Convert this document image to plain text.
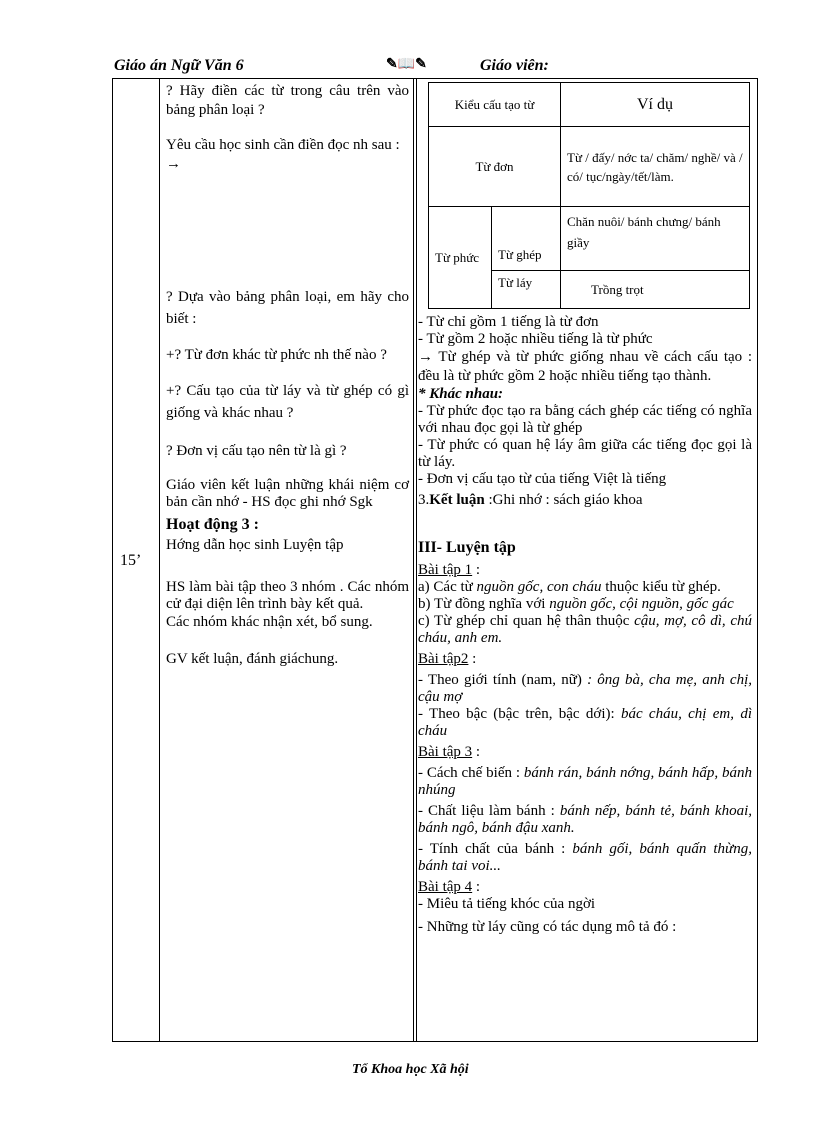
Giáo án Ngữ Văn 6	✎📖✎	Giáo viên:
15’

? Hãy điền các từ trong câu trên vào bảng phân loại ?

Yêu cầu học sinh cần điền đọc nh sau : →

? Dựa vào bảng phân loại, em hãy cho biết :

+? Từ đơn khác từ phức nh thế nào ?

+? Cấu tạo của từ láy và từ ghép có gì giống và khác nhau ?

? Đơn vị cấu tạo nên từ là gì ?

Giáo viên kết luận những khái niệm cơ bản cần nhớ - HS đọc ghi nhớ Sgk

Hoạt động 3 :

Hớng dẫn học sinh Luyện tập

HS làm bài tập theo 3 nhóm . Các nhóm cử đại diện lên trình bày kết quả.

Các nhóm khác nhận xét, bổ sung.

GV kết luận, đánh giáchung.

Kiểu cấu tạo từ		Ví dụ
Từ đơn		Từ / đấy/ nớc ta/ chăm/ nghề/ và / có/ tục/ngày/tết/làm.
Từ phức	Từ ghép	Chăn nuôi/ bánh chưng/ bánh giầy
	Từ láy	Trồng trọt

- Từ chỉ gồm 1 tiếng là từ đơn

- Từ gồm 2 hoặc nhiều tiếng là từ phức

→ Từ ghép và từ phức giống nhau về cách cấu tạo : đều là từ phức gồm 2 hoặc nhiều tiếng tạo thành.

* Khác nhau:

- Từ phức đọc tạo ra bằng cách ghép các tiếng có nghĩa với nhau đọc gọi là từ ghép

- Từ phức có quan hệ láy âm giữa các tiếng đọc gọi là từ láy.

- Đơn vị cấu tạo từ của tiếng Việt là tiếng

3.Kết luận :Ghi nhớ : sách giáo khoa

III- Luyện tập

Bài tập 1 :

a) Các từ nguồn gốc, con cháu thuộc kiểu từ ghép.

b) Từ đồng nghĩa với nguồn gốc, cội nguồn, gốc gác

c) Từ ghép chỉ quan hệ thân thuộc cậu, mợ, cô dì, chú cháu, anh em.

Bài tập2 :

- Theo giới tính (nam, nữ) : ông bà, cha mẹ, anh chị, cậu mợ

- Theo bậc (bậc trên, bậc dới): bác cháu, chị em, dì cháu

Bài tập 3 :

- Cách chế biến : bánh rán, bánh nớng, bánh hấp, bánh nhúng

- Chất liệu làm bánh : bánh nếp, bánh tẻ, bánh khoai, bánh ngô, bánh đậu xanh.

- Tính chất của bánh : bánh gối, bánh quấn thừng, bánh tai voi...

Bài tập 4 :

- Miêu tả tiếng khóc của ngời

- Những từ láy cũng có tác dụng mô tả đó :

Tổ Khoa học Xã hội
